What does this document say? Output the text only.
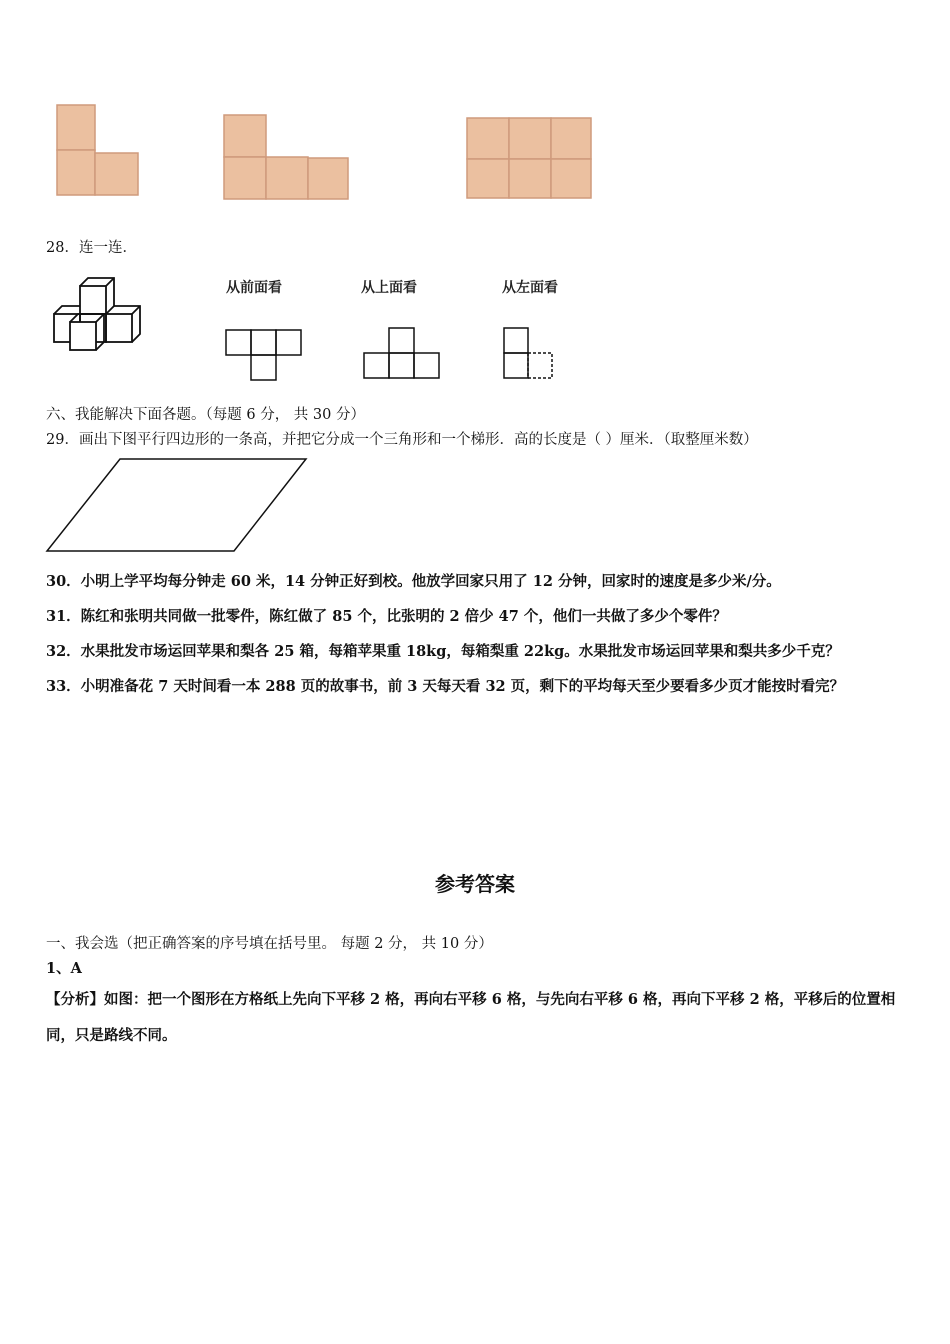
28．连一连．
从前面看	从上面看	从左面看
六、我能解决下面各题。（每题 6 分， 共 30 分）
29．画出下图平行四边形的一条高，并把它分成一个三角形和一个梯形．高的长度是（ ）厘米．（取整厘米数）
30．小明上学平均每分钟走 60 米，14 分钟正好到校。他放学回家只用了 12 分钟，回家时的速度是多少米/分。
31．陈红和张明共同做一批零件，陈红做了 85 个，比张明的 2 倍少 47 个，他们一共做了多少个零件？
32．水果批发市场运回苹果和梨各 25 箱，每箱苹果重 18kg，每箱梨重 22kg。水果批发市场运回苹果和梨共多少千克？
33．小明准备花 7 天时间看一本 288 页的故事书，前 3 天每天看 32 页，剩下的平均每天至少要看多少页才能按时看完？
参考答案
一、我会选（把正确答案的序号填在括号里。 每题 2 分， 共 10 分）
1、A
【分析】如图：把一个图形在方格纸上先向下平移 2 格，再向右平移 6 格，与先向右平移 6 格，再向下平移 2 格，平移后的位置相同，只是路线不同。
